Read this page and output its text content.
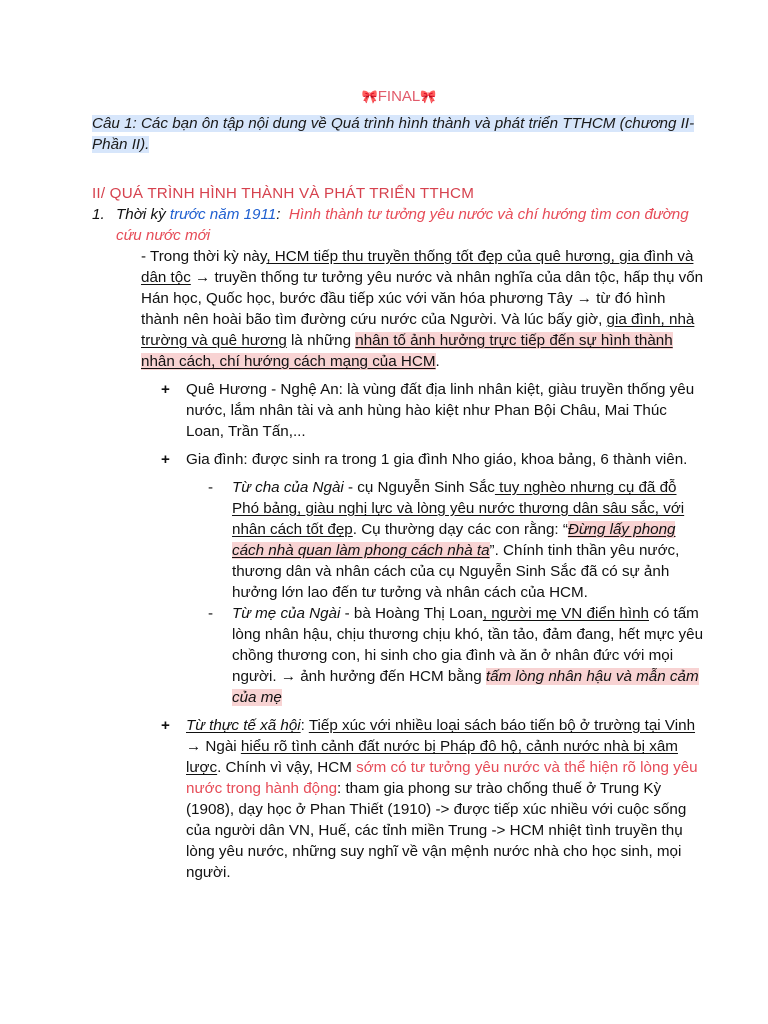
🎀FINAL🎀

Câu 1: Các bạn ôn tập nội dung về Quá trình hình thành và phát triển TTHCM (chương II- Phần II).

II/ QUÁ TRÌNH HÌNH THÀNH VÀ PHÁT TRIỂN TTHCM

1. Thời kỳ trước năm 1911: Hình thành tư tưởng yêu nước và chí hướng tìm con đường cứu nước mới

- Trong thời kỳ này, HCM tiếp thu truyền thống tốt đẹp của quê hương, gia đình và dân tộc → truyền thống tư tưởng yêu nước và nhân nghĩa của dân tộc, hấp thụ vốn Hán học, Quốc học, bước đầu tiếp xúc với văn hóa phương Tây → từ đó hình thành nên hoài bão tìm đường cứu nước của Người. Và lúc bấy giờ, gia đình, nhà trường và quê hương là những nhân tố ảnh hưởng trực tiếp đến sự hình thành nhân cách, chí hướng cách mạng của HCM.

+ Quê Hương - Nghệ An: là vùng đất địa linh nhân kiệt, giàu truyền thống yêu nước, lắm nhân tài và anh hùng hào kiệt như Phan Bội Châu, Mai Thúc Loan, Trần Tấn,...

+ Gia đình: được sinh ra trong 1 gia đình Nho giáo, khoa bảng, 6 thành viên.

- Từ cha của Ngài - cụ Nguyễn Sinh Sắc tuy nghèo nhưng cụ đã đỗ Phó bảng, giàu nghị lực và lòng yêu nước thương dân sâu sắc, với nhân cách tốt đẹp. Cụ thường dạy các con rằng: “Đừng lấy phong cách nhà quan làm phong cách nhà ta”. Chính tinh thần yêu nước, thương dân và nhân cách của cụ Nguyễn Sinh Sắc đã có sự ảnh hưởng lớn lao đến tư tưởng và nhân cách của HCM.

- Từ mẹ của Ngài - bà Hoàng Thị Loan, người mẹ VN điển hình có tấm lòng nhân hậu, chịu thương chịu khó, tần tảo, đảm đang, hết mực yêu chồng thương con, hi sinh cho gia đình và ăn ở nhân đức với mọi người. → ảnh hưởng đến HCM bằng tấm lòng nhân hậu và mẫn cảm của mẹ

+ Từ thực tế xã hội: Tiếp xúc với nhiều loại sách báo tiến bộ ở trường tại Vinh → Ngài hiểu rõ tình cảnh đất nước bị Pháp đô hộ, cảnh nước nhà bị xâm lược. Chính vì vậy, HCM sớm có tư tưởng yêu nước và thể hiện rõ lòng yêu nước trong hành động: tham gia phong sư trào chống thuế ở Trung Kỳ (1908), dạy học ở Phan Thiết (1910) -> được tiếp xúc nhiều với cuộc sống của người dân VN, Huế, các tỉnh miền Trung -> HCM nhiệt tình truyền thụ lòng yêu nước, những suy nghĩ về vận mệnh nước nhà cho học sinh, mọi người.
